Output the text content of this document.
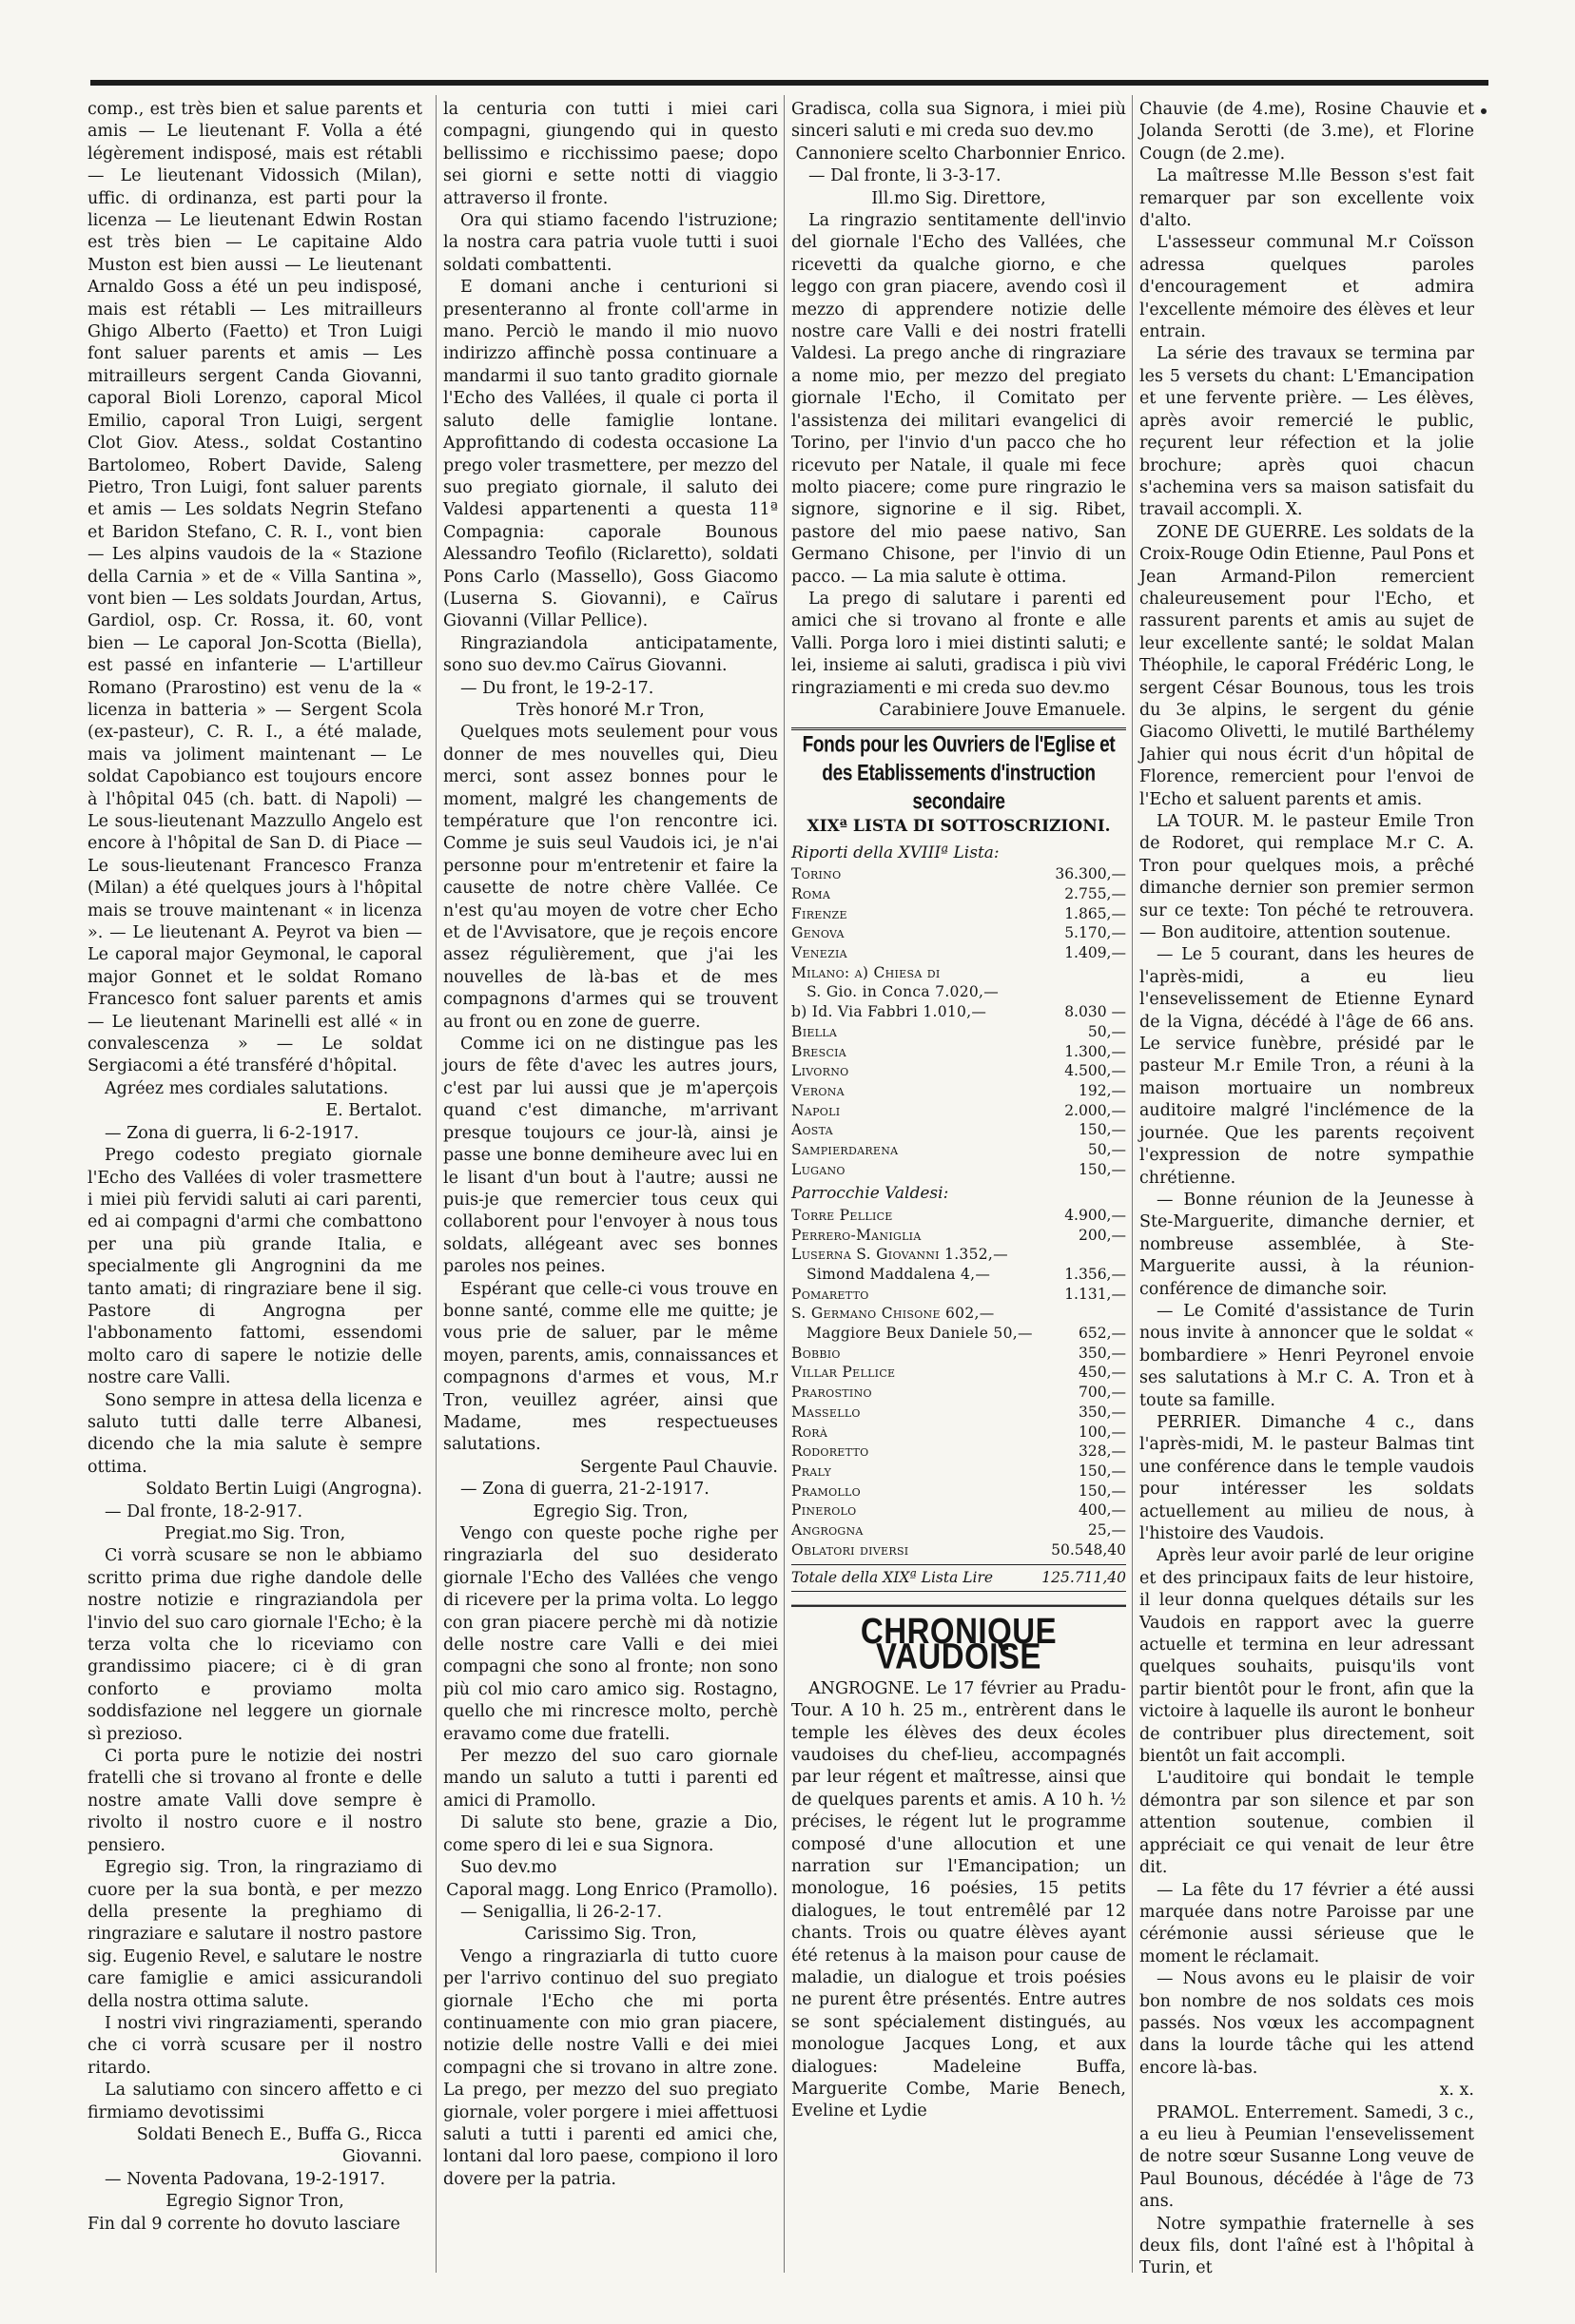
comp., est très bien et salue parents et amis — Le lieutenant F. Volla a été légèrement indisposé, mais est rétabli — Le lieutenant Vidossich (Milan), uffic. di ordinanza, est parti pour la licenza — Le lieutenant Edwin Rostan est très bien — Le capitaine Aldo Muston est bien aussi — Le lieutenant Arnaldo Goss a été un peu indisposé, mais est rétabli — Les mitrailleurs Ghigo Alberto (Faetto) et Tron Luigi font saluer parents et amis — Les mitrailleurs sergent Canda Giovanni, caporal Bioli Lorenzo, caporal Micol Emilio, caporal Tron Luigi, sergent Clot Giov. Atess., soldat Costantino Bartolomeo, Robert Davide, Saleng Pietro, Tron Luigi, font saluer parents et amis — Les soldats Negrin Stefano et Baridon Stefano, C. R. I., vont bien — Les alpins vaudois de la « Stazione della Carnia » et de « Villa Santina », vont bien — Les soldats Jourdan, Artus, Gardiol, osp. Cr. Rossa, it. 60, vont bien — Le caporal Jon-Scotta (Biella), est passé en infanterie — L'artilleur Romano (Prarostino) est venu de la « licenza in batteria » — Sergent Scola (ex-pasteur), C. R. I., a été malade, mais va joliment maintenant — Le soldat Capobianco est toujours encore à l'hôpital 045 (ch. batt. di Napoli) — Le sous-lieutenant Mazzullo Angelo est encore à l'hôpital de San D. di Piace — Le sous-lieutenant Francesco Franza (Milan) a été quelques jours à l'hôpital mais se trouve maintenant « in licenza ». — Le lieutenant A. Peyrot va bien — Le caporal major Geymonal, le caporal major Gonnet et le soldat Romano Francesco font saluer parents et amis — Le lieutenant Marinelli est allé « in convalescenza » — Le soldat Sergiacomi a été transféré d'hôpital.

Agréez mes cordiales salutations.

E. Bertalot.

— Zona di guerra, li 6-2-1917.

Prego codesto pregiato giornale l'Echo des Vallées di voler trasmettere i miei più fervidi saluti ai cari parenti, ed ai compagni d'armi che combattono per una più grande Italia, e specialmente gli Angrognini da me tanto amati; di ringraziare bene il sig. Pastore di Angrogna per l'abbonamento fattomi, essendomi molto caro di sapere le notizie delle nostre care Valli.

Sono sempre in attesa della licenza e saluto tutti dalle terre Albanesi, dicendo che la mia salute è sempre ottima.

Soldato Bertin Luigi (Angrogna).

— Dal fronte, 18-2-917.

Pregiat.mo Sig. Tron,

Ci vorrà scusare se non le abbiamo scritto prima due righe dandole delle nostre notizie e ringraziandola per l'invio del suo caro giornale l'Echo; è la terza volta che lo riceviamo con grandissimo piacere; ci è di gran conforto e proviamo molta soddisfazione nel leggere un giornale sì prezioso.

Ci porta pure le notizie dei nostri fratelli che si trovano al fronte e delle nostre amate Valli dove sempre è rivolto il nostro cuore e il nostro pensiero.

Egregio sig. Tron, la ringraziamo di cuore per la sua bontà, e per mezzo della presente la preghiamo di ringraziare e salutare il nostro pastore sig. Eugenio Revel, e salutare le nostre care famiglie e amici assicurandoli della nostra ottima salute.

I nostri vivi ringraziamenti, sperando che ci vorrà scusare per il nostro ritardo.

La salutiamo con sincero affetto e ci firmiamo devotissimi

Soldati Benech E., Buffa G., Ricca Giovanni.

— Noventa Padovana, 19-2-1917.

Egregio Signor Tron,

Fin dal 9 corrente ho dovuto lasciare

la centuria con tutti i miei cari compagni, giungendo qui in questo bellissimo e ricchissimo paese; dopo sei giorni e sette notti di viaggio attraverso il fronte.

Ora qui stiamo facendo l'istruzione; la nostra cara patria vuole tutti i suoi soldati combattenti.

E domani anche i centurioni si presenteranno al fronte coll'arme in mano. Perciò le mando il mio nuovo indirizzo affinchè possa continuare a mandarmi il suo tanto gradito giornale l'Echo des Vallées, il quale ci porta il saluto delle famiglie lontane. Approfittando di codesta occasione La prego voler trasmettere, per mezzo del suo pregiato giornale, il saluto dei Valdesi appartenenti a questa 11ª Compagnia: caporale Bounous Alessandro Teofilo (Riclaretto), soldati Pons Carlo (Massello), Goss Giacomo (Luserna S. Giovanni), e Caïrus Giovanni (Villar Pellice).

Ringraziandola anticipatamente, sono suo dev.mo Caïrus Giovanni.

— Du front, le 19-2-17.

Très honoré M.r Tron,

Quelques mots seulement pour vous donner de mes nouvelles qui, Dieu merci, sont assez bonnes pour le moment, malgré les changements de température que l'on rencontre ici. Comme je suis seul Vaudois ici, je n'ai personne pour m'entretenir et faire la causette de notre chère Vallée. Ce n'est qu'au moyen de votre cher Echo et de l'Avvisatore, que je reçois encore assez régulièrement, que j'ai les nouvelles de là-bas et de mes compagnons d'armes qui se trouvent au front ou en zone de guerre.

Comme ici on ne distingue pas les jours de fête d'avec les autres jours, c'est par lui aussi que je m'aperçois quand c'est dimanche, m'arrivant presque toujours ce jour-là, ainsi je passe une bonne demiheure avec lui en le lisant d'un bout à l'autre; aussi ne puis-je que remercier tous ceux qui collaborent pour l'envoyer à nous tous soldats, allégeant avec ses bonnes paroles nos peines.

Espérant que celle-ci vous trouve en bonne santé, comme elle me quitte; je vous prie de saluer, par le même moyen, parents, amis, connaissances et compagnons d'armes et vous, M.r Tron, veuillez agréer, ainsi que Madame, mes respectueuses salutations.

Sergente Paul Chauvie.

— Zona di guerra, 21-2-1917.

Egregio Sig. Tron,

Vengo con queste poche righe per ringraziarla del suo desiderato giornale l'Echo des Vallées che vengo di ricevere per la prima volta. Lo leggo con gran piacere perchè mi dà notizie delle nostre care Valli e dei miei compagni che sono al fronte; non sono più col mio caro amico sig. Rostagno, quello che mi rincresce molto, perchè eravamo come due fratelli.

Per mezzo del suo caro giornale mando un saluto a tutti i parenti ed amici di Pramollo.

Di salute sto bene, grazie a Dio, come spero di lei e sua Signora.

Suo dev.mo

Caporal magg. Long Enrico (Pramollo).

— Senigallia, li 26-2-17.

Carissimo Sig. Tron,

Vengo a ringraziarla di tutto cuore per l'arrivo continuo del suo pregiato giornale l'Echo che mi porta continuamente con mio gran piacere, notizie delle nostre Valli e dei miei compagni che si trovano in altre zone. La prego, per mezzo del suo pregiato giornale, voler porgere i miei affettuosi saluti a tutti i parenti ed amici che, lontani dal loro paese, compiono il loro dovere per la patria.

Gradisca, colla sua Signora, i miei più sinceri saluti e mi creda suo dev.mo

Cannoniere scelto Charbonnier Enrico.

— Dal fronte, li 3-3-17.

Ill.mo Sig. Direttore,

La ringrazio sentitamente dell'invio del giornale l'Echo des Vallées, che ricevetti da qualche giorno, e che leggo con gran piacere, avendo così il mezzo di apprendere notizie delle nostre care Valli e dei nostri fratelli Valdesi. La prego anche di ringraziare a nome mio, per mezzo del pregiato giornale l'Echo, il Comitato per l'assistenza dei militari evangelici di Torino, per l'invio d'un pacco che ho ricevuto per Natale, il quale mi fece molto piacere; come pure ringrazio le signore, signorine e il sig. Ribet, pastore del mio paese nativo, San Germano Chisone, per l'invio di un pacco. — La mia salute è ottima.

La prego di salutare i parenti ed amici che si trovano al fronte e alle Valli. Porga loro i miei distinti saluti; e lei, insieme ai saluti, gradisca i più vivi ringraziamenti e mi creda suo dev.mo

Carabiniere Jouve Emanuele.

Fonds pour les Ouvriers de l'Eglise et des Etablissements d'instruction secondaire
XIXª LISTA DI SOTTOSCRIZIONI.
Riporti della XVIIIª Lista:
Torino	36.300,—
Roma	2.755,—
Firenze	1.865,—
Genova	5.170,—
Venezia	1.409,—
Milano: a) Chiesa di
S. Gio. in Conca 7.020,—
b) Id. Via Fabbri 1.010,—	8.030 —
Biella	50,—
Brescia	1.300,—
Livorno	4.500,—
Verona	192,—
Napoli	2.000,—
Aosta	150,—
Sampierdarena	50,—
Lugano	150,—
Parrocchie Valdesi:
Torre Pellice	4.900,—
Perrero-Maniglia	200,—
Luserna S. Giovanni 1.352,—
Simond Maddalena 4,—	1.356,—
Pomaretto	1.131,—
S. Germano Chisone 602,—
Maggiore Beux Daniele 50,—	652,—
Bobbio	350,—
Villar Pellice	450,—
Prarostino	700,—
Massello	350,—
Rorà	100,—
Rodoretto	328,—
Praly	150,—
Pramollo	150,—
Pinerolo	400,—
Angrogna	25,—
Oblatori diversi	50.548,40
Totale della XIXª Lista Lire	125.711,40
CHRONIQUE VAUDOISE

ANGROGNE. Le 17 février au Pradu-Tour. A 10 h. 25 m., entrèrent dans le temple les élèves des deux écoles vaudoises du chef-lieu, accompagnés par leur régent et maîtresse, ainsi que de quelques parents et amis. A 10 h. ½ précises, le régent lut le programme composé d'une allocution et une narration sur l'Emancipation; un monologue, 16 poésies, 15 petits dialogues, le tout entremêlé par 12 chants. Trois ou quatre élèves ayant été retenus à la maison pour cause de maladie, un dialogue et trois poésies ne purent être présentés. Entre autres se sont spécialement distingués, au monologue Jacques Long, et aux dialogues: Madeleine Buffa, Marguerite Combe, Marie Benech, Eveline et Lydie

Chauvie (de 4.me), Rosine Chauvie et Jolanda Serotti (de 3.me), et Florine Cougn (de 2.me).

La maîtresse M.lle Besson s'est fait remarquer par son excellente voix d'alto.

L'assesseur communal M.r Coïsson adressa quelques paroles d'encouragement et admira l'excellente mémoire des élèves et leur entrain.

La série des travaux se termina par les 5 versets du chant: L'Emancipation et une fervente prière. — Les élèves, après avoir remercié le public, reçurent leur réfection et la jolie brochure; après quoi chacun s'achemina vers sa maison satisfait du travail accompli. X.

ZONE DE GUERRE. Les soldats de la Croix-Rouge Odin Etienne, Paul Pons et Jean Armand-Pilon remercient chaleureusement pour l'Echo, et rassurent parents et amis au sujet de leur excellente santé; le soldat Malan Théophile, le caporal Frédéric Long, le sergent César Bounous, tous les trois du 3e alpins, le sergent du génie Giacomo Olivetti, le mutilé Barthélemy Jahier qui nous écrit d'un hôpital de Florence, remercient pour l'envoi de l'Echo et saluent parents et amis.

LA TOUR. M. le pasteur Emile Tron de Rodoret, qui remplace M.r C. A. Tron pour quelques mois, a prêché dimanche dernier son premier sermon sur ce texte: Ton péché te retrouvera. — Bon auditoire, attention soutenue.

— Le 5 courant, dans les heures de l'après-midi, a eu lieu l'ensevelissement de Etienne Eynard de la Vigna, décédé à l'âge de 66 ans. Le service funèbre, présidé par le pasteur M.r Emile Tron, a réuni à la maison mortuaire un nombreux auditoire malgré l'inclémence de la journée. Que les parents reçoivent l'expression de notre sympathie chrétienne.

— Bonne réunion de la Jeunesse à Ste-Marguerite, dimanche dernier, et nombreuse assemblée, à Ste-Marguerite aussi, à la réunion-conférence de dimanche soir.

— Le Comité d'assistance de Turin nous invite à annoncer que le soldat « bombardiere » Henri Peyronel envoie ses salutations à M.r C. A. Tron et à toute sa famille.

PERRIER. Dimanche 4 c., dans l'après-midi, M. le pasteur Balmas tint une conférence dans le temple vaudois pour intéresser les soldats actuellement au milieu de nous, à l'histoire des Vaudois.

Après leur avoir parlé de leur origine et des principaux faits de leur histoire, il leur donna quelques détails sur les Vaudois en rapport avec la guerre actuelle et termina en leur adressant quelques souhaits, puisqu'ils vont partir bientôt pour le front, afin que la victoire à laquelle ils auront le bonheur de contribuer plus directement, soit bientôt un fait accompli.

L'auditoire qui bondait le temple démontra par son silence et par son attention soutenue, combien il appréciait ce qui venait de leur être dit.

— La fête du 17 février a été aussi marquée dans notre Paroisse par une cérémonie aussi sérieuse que le moment le réclamait.

— Nous avons eu le plaisir de voir bon nombre de nos soldats ces mois passés. Nos vœux les accompagnent dans la lourde tâche qui les attend encore là-bas.

x. x.

PRAMOL. Enterrement. Samedi, 3 c., a eu lieu à Peumian l'ensevelissement de notre sœur Susanne Long veuve de Paul Bounous, décédée à l'âge de 73 ans.

Notre sympathie fraternelle à ses deux fils, dont l'aîné est à l'hôpital à Turin, et
